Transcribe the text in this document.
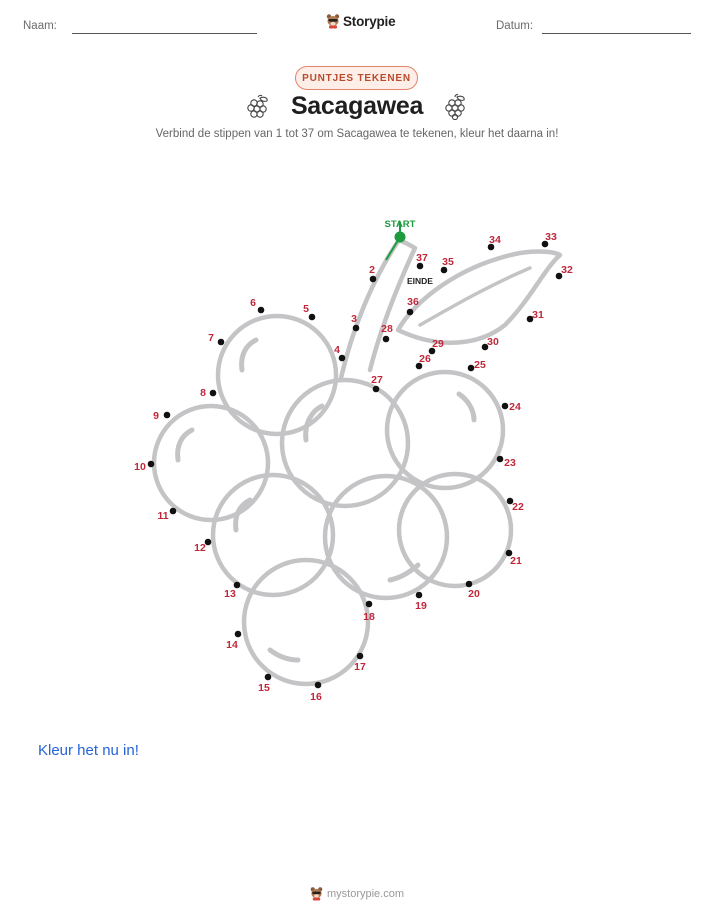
Naam:	Storypie	Datum:
PUNTJES TEKENEN
Sacagawea
Verbind de stippen van 1 tot 37 om Sacagawea te tekenen, kleur het daarna in!
START
EINDE
2
3
4
5
6
7
8
9
10
11
12
13
14
15
16
17
18
19
20
21
22
23
24
25
26
27
28
29	30
31
32
33
34
35
36
37
Kleur het nu in!
mystorypie.com
